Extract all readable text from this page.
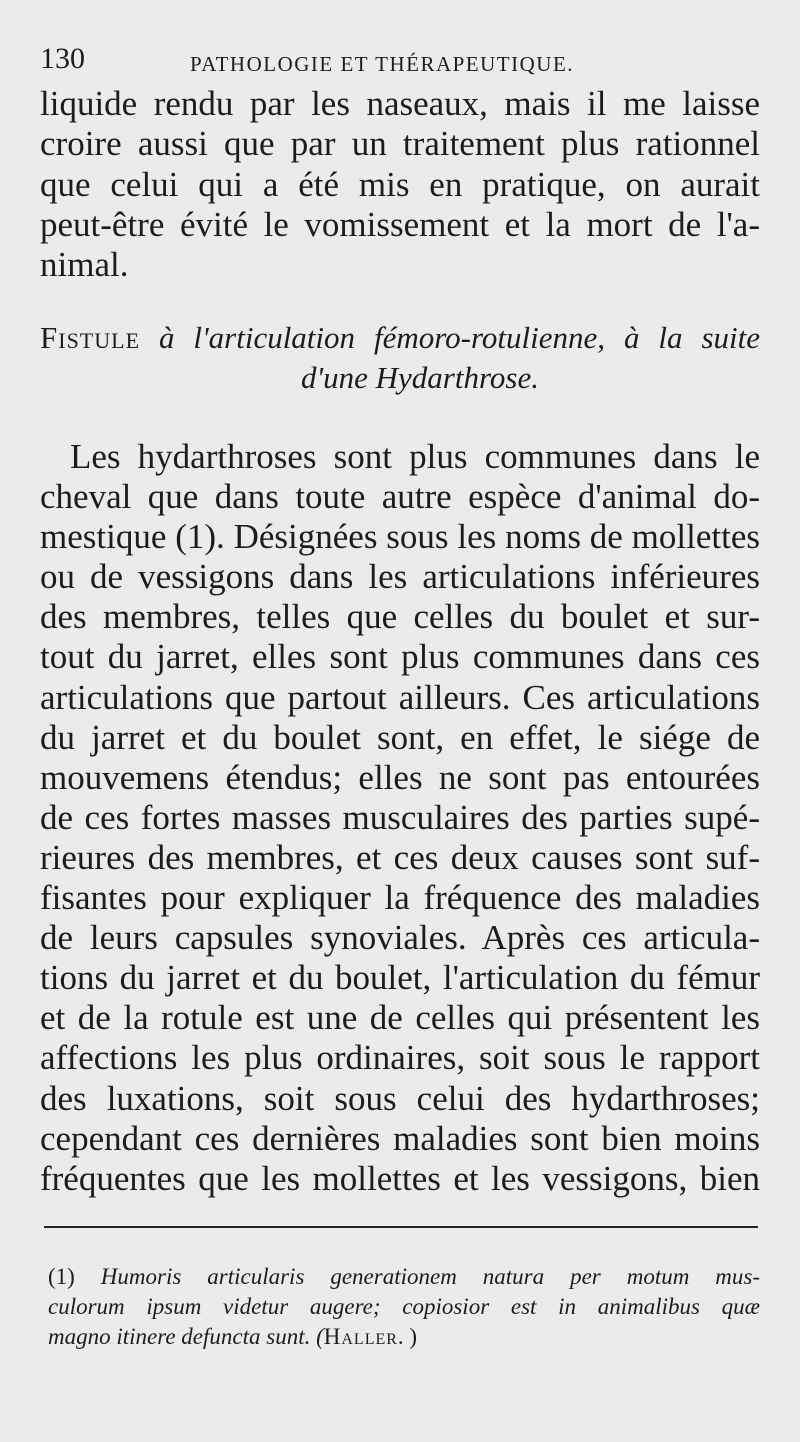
130	PATHOLOGIE ET THÉRAPEUTIQUE.
liquide rendu par les naseaux, mais il me laisse
croire aussi que par un traitement plus rationnel
que celui qui a été mis en pratique, on aurait
peut-être évité le vomissement et la mort de l'a-
nimal.
Fistule à l'articulation fémoro-rotulienne, à la suite
d'une Hydarthrose.
Les hydarthroses sont plus communes dans le
cheval que dans toute autre espèce d'animal do-
mestique (1). Désignées sous les noms de mollettes
ou de vessigons dans les articulations inférieures
des membres, telles que celles du boulet et sur-
tout du jarret, elles sont plus communes dans ces
articulations que partout ailleurs. Ces articulations
du jarret et du boulet sont, en effet, le siége de
mouvemens étendus; elles ne sont pas entourées
de ces fortes masses musculaires des parties supé-
rieures des membres, et ces deux causes sont suf-
fisantes pour expliquer la fréquence des maladies
de leurs capsules synoviales. Après ces articula-
tions du jarret et du boulet, l'articulation du fémur
et de la rotule est une de celles qui présentent les
affections les plus ordinaires, soit sous le rapport
des luxations, soit sous celui des hydarthroses;
cependant ces dernières maladies sont bien moins
fréquentes que les mollettes et les vessigons, bien
(1) Humoris articularis generationem natura per motum mus-
culorum ipsum videtur augere; copiosior est in animalibus quæ
magno itinere defuncta sunt. (Haller. )
